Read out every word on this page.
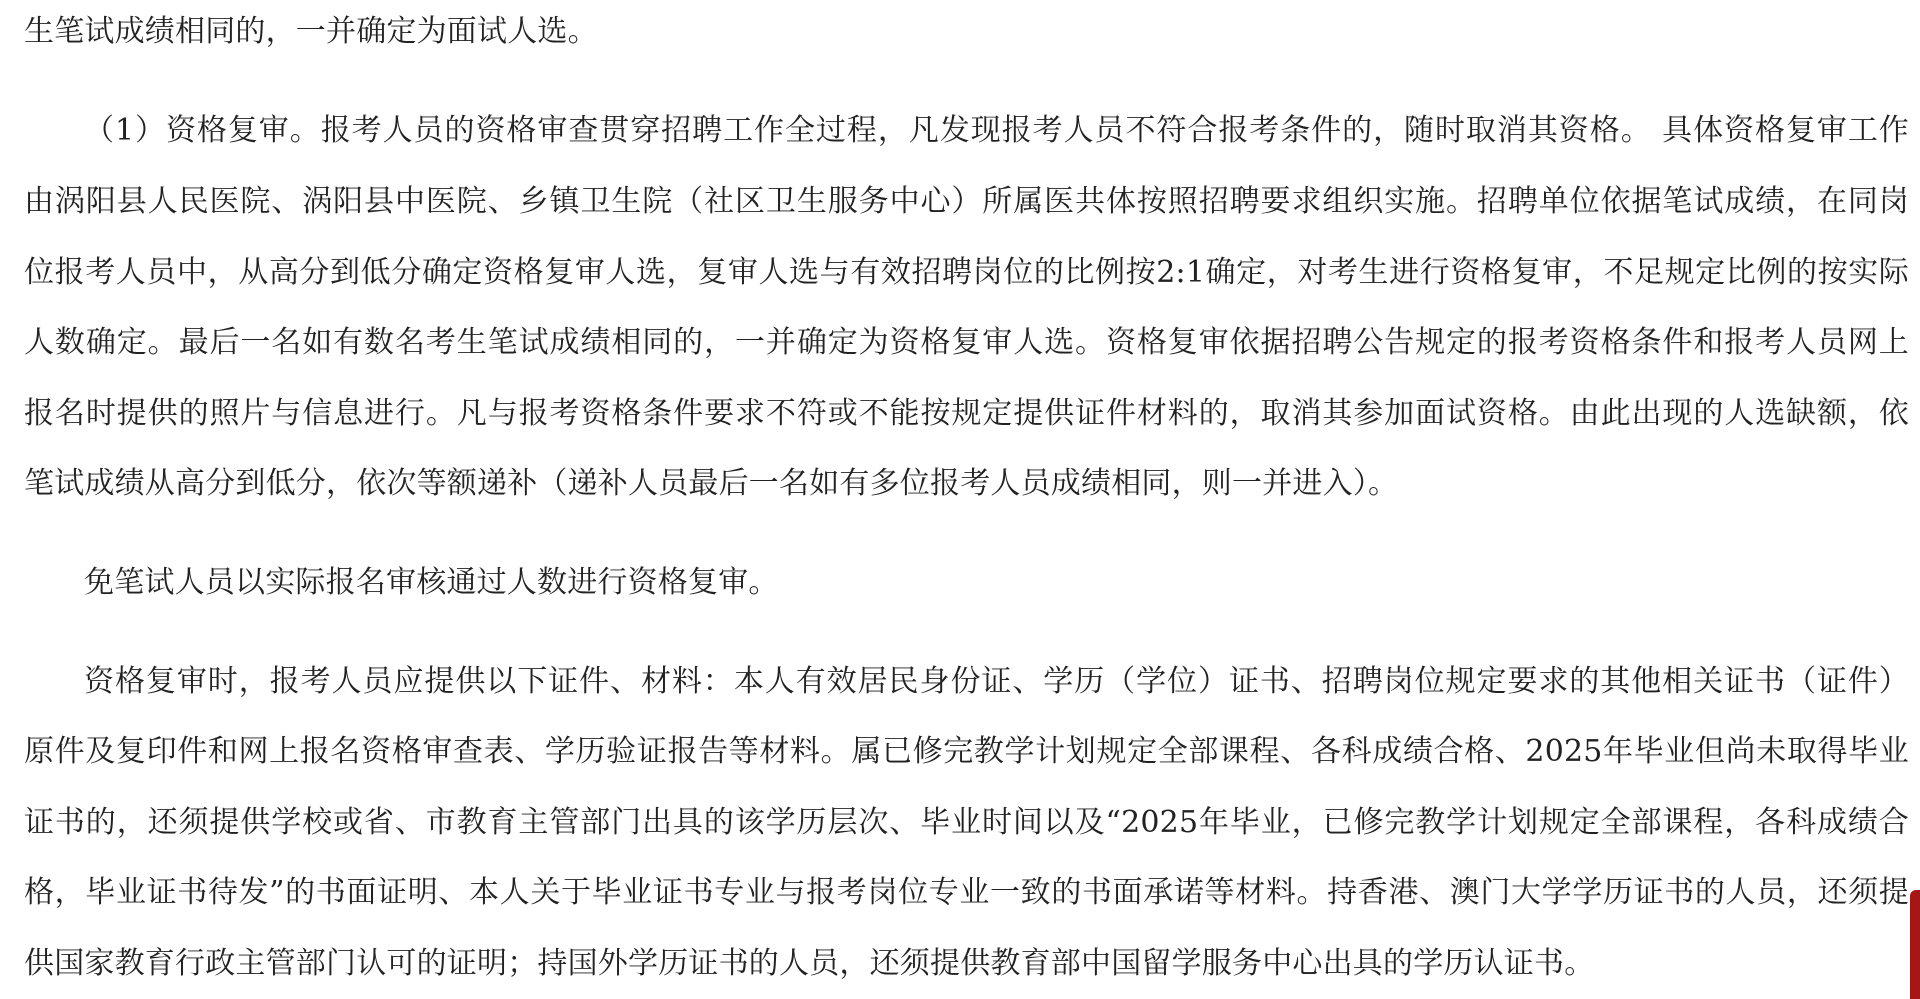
生笔试成绩相同的，一并确定为面试人选。
（1）资格复审。报考人员的资格审查贯穿招聘工作全过程，凡发现报考人员不符合报考条件的，随时取消其资格。 具体资格复审工作
由涡阳县人民医院、涡阳县中医院、乡镇卫生院（社区卫生服务中心）所属医共体按照招聘要求组织实施。招聘单位依据笔试成绩，在同岗
位报考人员中，从高分到低分确定资格复审人选，复审人选与有效招聘岗位的比例按2:1确定，对考生进行资格复审，不足规定比例的按实际
人数确定。最后一名如有数名考生笔试成绩相同的，一并确定为资格复审人选。资格复审依据招聘公告规定的报考资格条件和报考人员网上
报名时提供的照片与信息进行。凡与报考资格条件要求不符或不能按规定提供证件材料的，取消其参加面试资格。由此出现的人选缺额，依
笔试成绩从高分到低分，依次等额递补（递补人员最后一名如有多位报考人员成绩相同，则一并进入）。
免笔试人员以实际报名审核通过人数进行资格复审。
资格复审时，报考人员应提供以下证件、材料：本人有效居民身份证、学历（学位）证书、招聘岗位规定要求的其他相关证书（证件）
原件及复印件和网上报名资格审查表、学历验证报告等材料。属已修完教学计划规定全部课程、各科成绩合格、2025年毕业但尚未取得毕业
证书的，还须提供学校或省、市教育主管部门出具的该学历层次、毕业时间以及“2025年毕业，已修完教学计划规定全部课程，各科成绩合
格，毕业证书待发”的书面证明、本人关于毕业证书专业与报考岗位专业一致的书面承诺等材料。持香港、澳门大学学历证书的人员，还须提
供国家教育行政主管部门认可的证明；持国外学历证书的人员，还须提供教育部中国留学服务中心出具的学历认证书。
